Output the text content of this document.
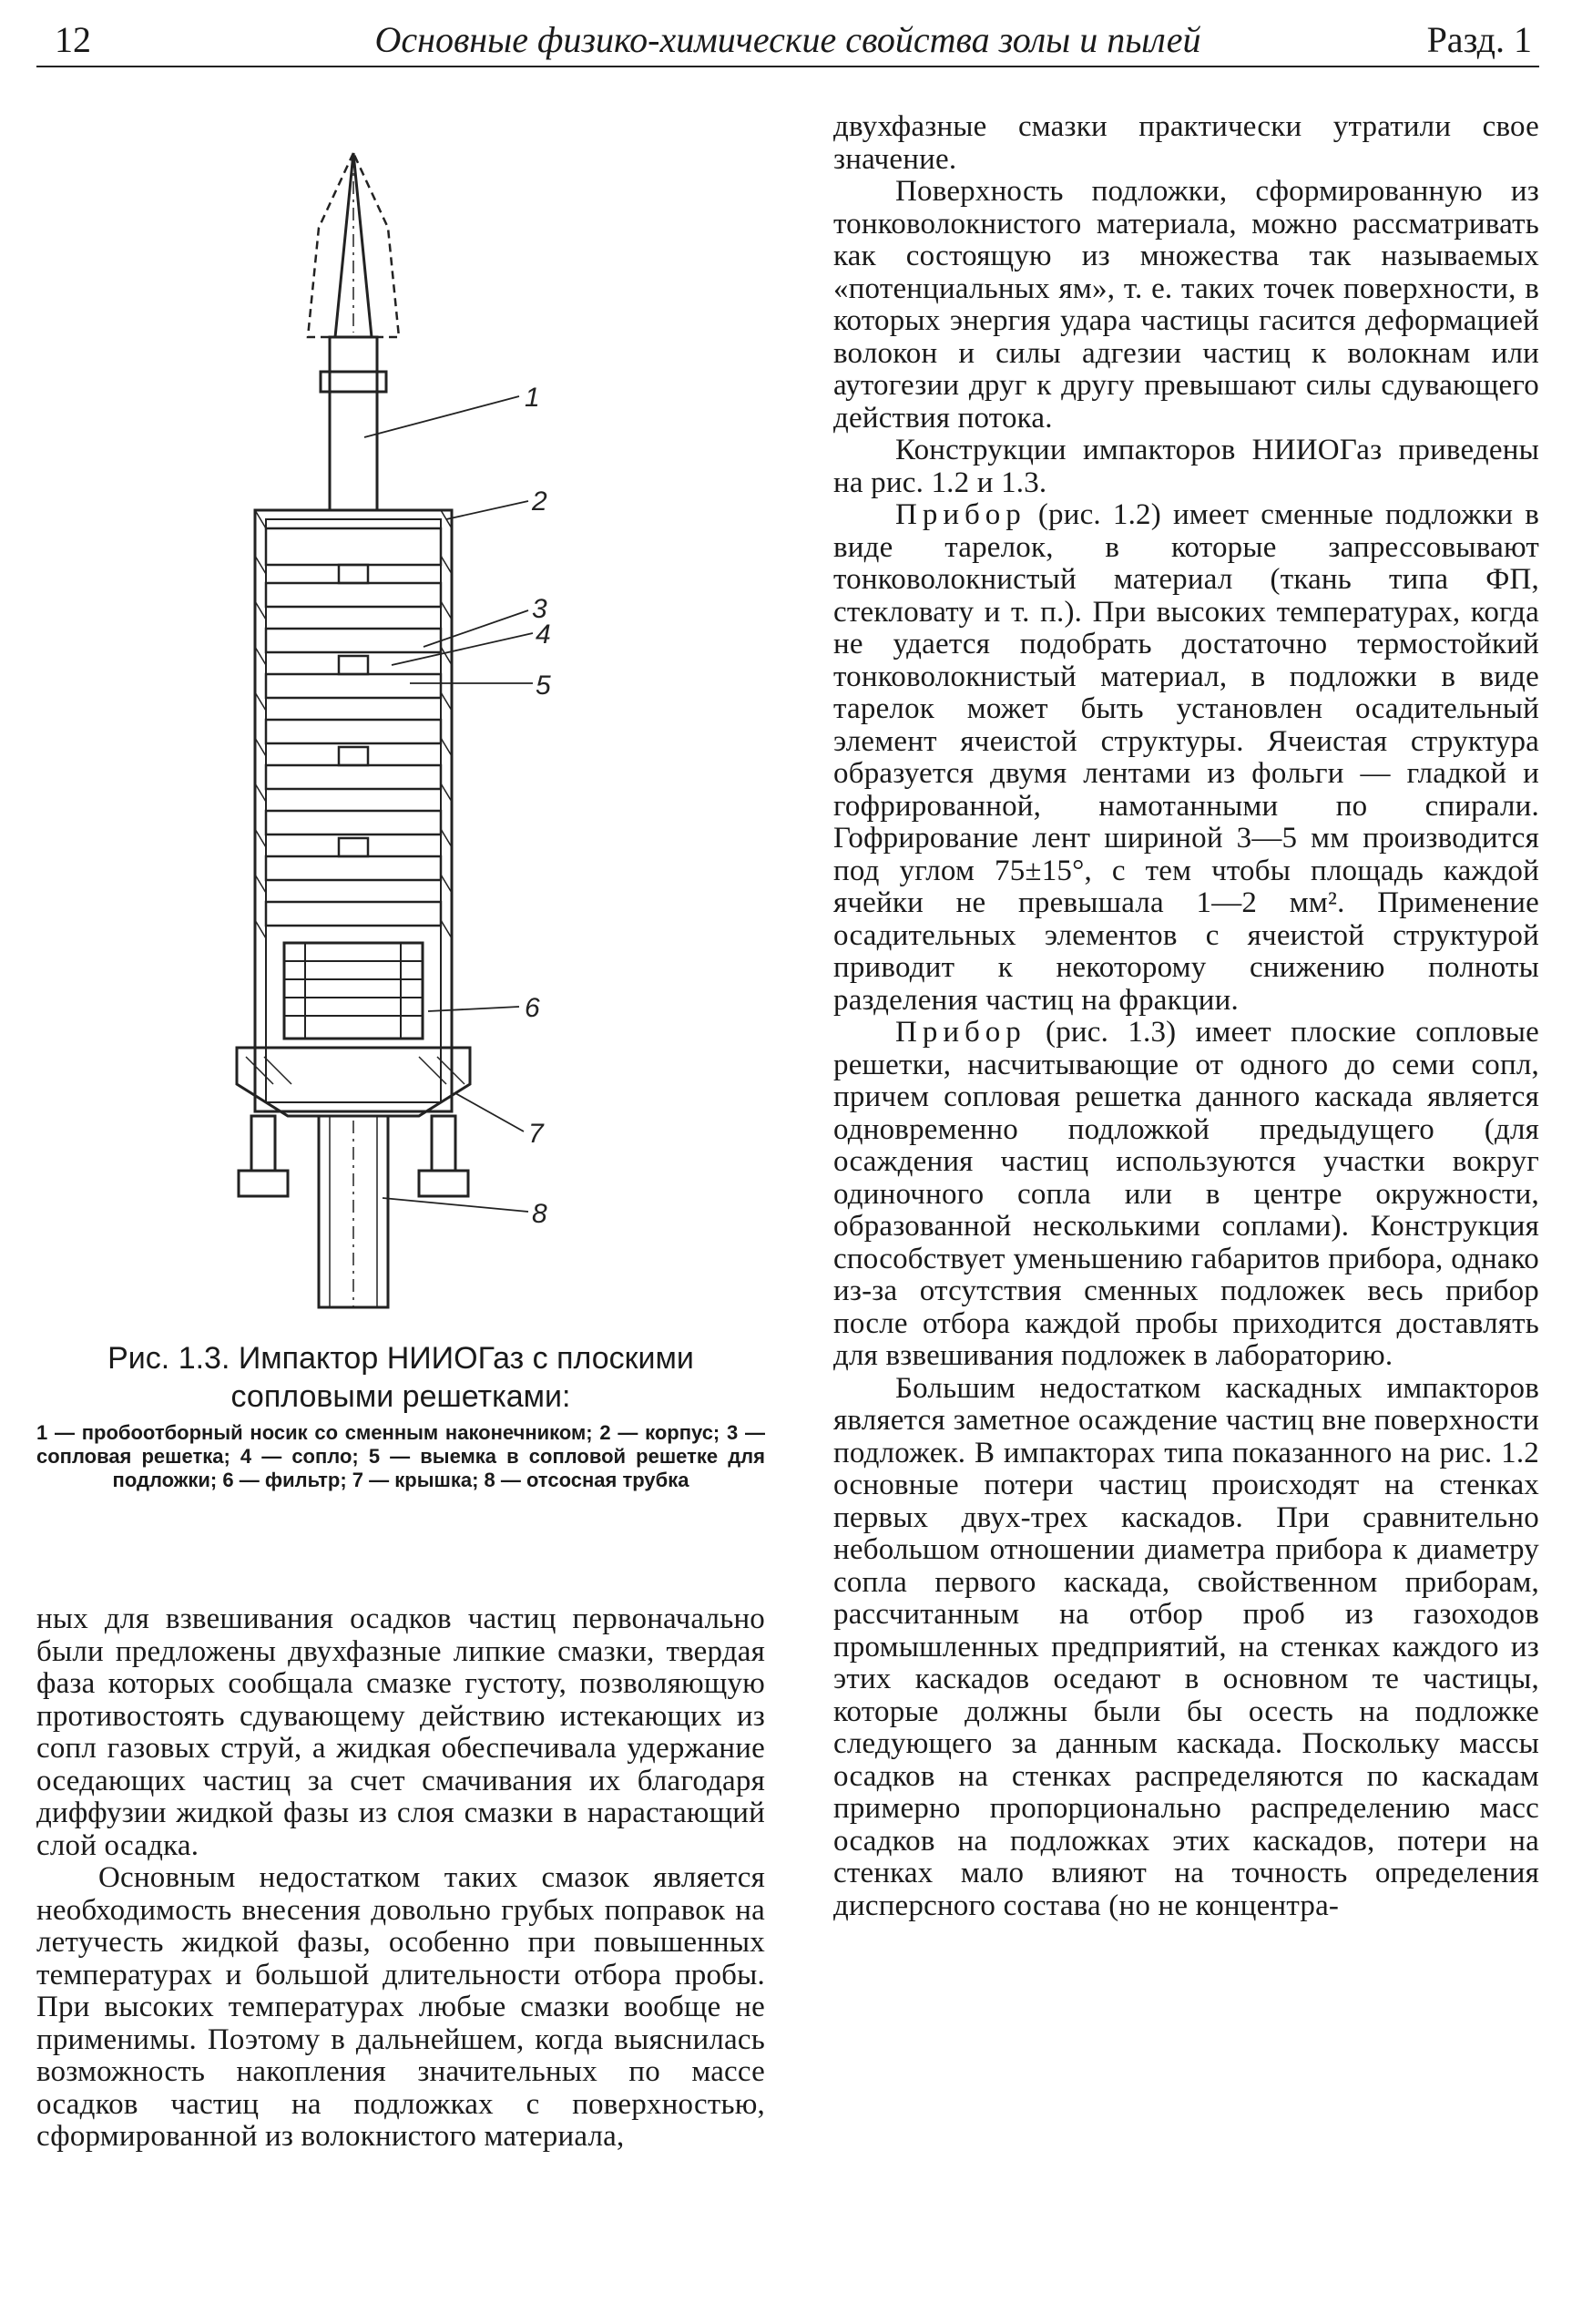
12	Основные физико-химические свойства золы и пылей	Разд. 1
1
2
3
4
5
6
7
8
Рис. 1.3. Импактор НИИОГаз с плоскими сопловыми решетками:
1 — пробоотборный носик со сменным наконечником; 2 — корпус; 3 — сопловая решетка; 4 — сопло; 5 — выемка в сопловой решетке для подложки; 6 — фильтр; 7 — крышка; 8 — отсосная трубка

ных для взвешивания осадков частиц первоначально были предложены двухфазные липкие смазки, твердая фаза которых сообщала смазке густоту, позволяющую противостоять сдувающему действию истекающих из сопл газовых струй, а жидкая обеспечивала удержание оседающих частиц за счет смачивания их благодаря диффузии жидкой фазы из слоя смазки в нарастающий слой осадка.

Основным недостатком таких смазок является необходимость внесения довольно грубых поправок на летучесть жидкой фазы, особенно при повышенных температурах и большой длительности отбора пробы. При высоких температурах любые смазки вообще не применимы. Поэтому в дальнейшем, когда выяснилась возможность накопления значительных по массе осадков частиц на подложках с поверхностью, сформированной из волокнистого материала,

двухфазные смазки практически утратили свое значение.

Поверхность подложки, сформированную из тонковолокнистого материала, можно рассматривать как состоящую из множества так называемых «потенциальных ям», т. е. таких точек поверхности, в которых энергия удара частицы гасится деформацией волокон и силы адгезии частиц к волокнам или аутогезии друг к другу превышают силы сдувающего действия потока.

Конструкции импакторов НИИОГаз приведены на рис. 1.2 и 1.3.

Прибор (рис. 1.2) имеет сменные подложки в виде тарелок, в которые запрессовывают тонковолокнистый материал (ткань типа ФП, стекловату и т. п.). При высоких температурах, когда не удается подобрать достаточно термостойкий тонковолокнистый материал, в подложки в виде тарелок может быть установлен осадительный элемент ячеистой структуры. Ячеистая структура образуется двумя лентами из фольги — гладкой и гофрированной, намотанными по спирали. Гофрирование лент шириной 3—5 мм производится под углом 75±15°, с тем чтобы площадь каждой ячейки не превышала 1—2 мм². Применение осадительных элементов с ячеистой структурой приводит к некоторому снижению полноты разделения частиц на фракции.

Прибор (рис. 1.3) имеет плоские сопловые решетки, насчитывающие от одного до семи сопл, причем сопловая решетка данного каскада является одновременно подложкой предыдущего (для осаждения частиц используются участки вокруг одиночного сопла или в центре окружности, образованной несколькими соплами). Конструкция способствует уменьшению габаритов прибора, однако из-за отсутствия сменных подложек весь прибор после отбора каждой пробы приходится доставлять для взвешивания подложек в лабораторию.

Большим недостатком каскадных импакторов является заметное осаждение частиц вне поверхности подложек. В импакторах типа показанного на рис. 1.2 основные потери частиц происходят на стенках первых двух-трех каскадов. При сравнительно небольшом отношении диаметра прибора к диаметру сопла первого каскада, свойственном приборам, рассчитанным на отбор проб из газоходов промышленных предприятий, на стенках каждого из этих каскадов оседают в основном те частицы, которые должны были бы осесть на подложке следующего за данным каскада. Поскольку массы осадков на стенках распределяются по каскадам примерно пропорционально распределению масс осадков на подложках этих каскадов, потери на стенках мало влияют на точность определения дисперсного состава (но не концентра-
